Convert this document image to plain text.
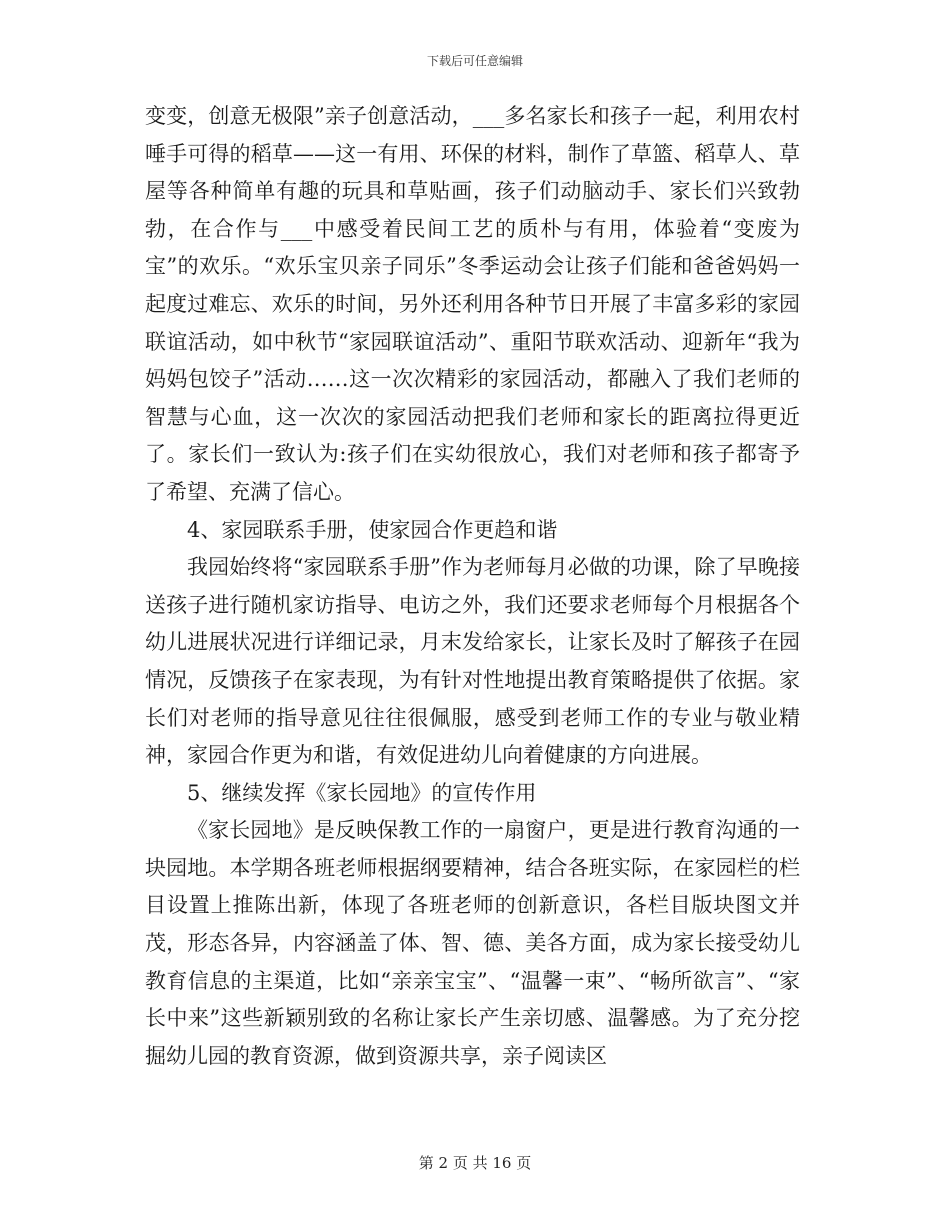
下载后可任意编辑

变变，创意无极限”亲子创意活动，___多名家长和孩子一起，利用农村唾手可得的稻草——这一有用、环保的材料，制作了草篮、稻草人、草屋等各种简单有趣的玩具和草贴画，孩子们动脑动手、家长们兴致勃勃，在合作与___中感受着民间工艺的质朴与有用，体验着“变废为宝”的欢乐。“欢乐宝贝亲子同乐”冬季运动会让孩子们能和爸爸妈妈一起度过难忘、欢乐的时间，另外还利用各种节日开展了丰富多彩的家园联谊活动，如中秋节“家园联谊活动”、重阳节联欢活动、迎新年“我为妈妈包饺子”活动……这一次次精彩的家园活动，都融入了我们老师的智慧与心血，这一次次的家园活动把我们老师和家长的距离拉得更近了。家长们一致认为:孩子们在实幼很放心，我们对老师和孩子都寄予了希望、充满了信心。

4、家园联系手册，使家园合作更趋和谐

我园始终将“家园联系手册”作为老师每月必做的功课，除了早晚接送孩子进行随机家访指导、电访之外，我们还要求老师每个月根据各个幼儿进展状况进行详细记录，月末发给家长，让家长及时了解孩子在园情况，反馈孩子在家表现，为有针对性地提出教育策略提供了依据。家长们对老师的指导意见往往很佩服，感受到老师工作的专业与敬业精神，家园合作更为和谐，有效促进幼儿向着健康的方向进展。

5、继续发挥《家长园地》的宣传作用

《家长园地》是反映保教工作的一扇窗户，更是进行教育沟通的一块园地。本学期各班老师根据纲要精神，结合各班实际，在家园栏的栏目设置上推陈出新，体现了各班老师的创新意识，各栏目版块图文并茂，形态各异，内容涵盖了体、智、德、美各方面，成为家长接受幼儿教育信息的主渠道，比如“亲亲宝宝”、“温馨一束”、“畅所欲言”、“家长中来”这些新颖别致的名称让家长产生亲切感、温馨感。为了充分挖掘幼儿园的教育资源，做到资源共享，亲子阅读区

第 2 页 共 16 页
